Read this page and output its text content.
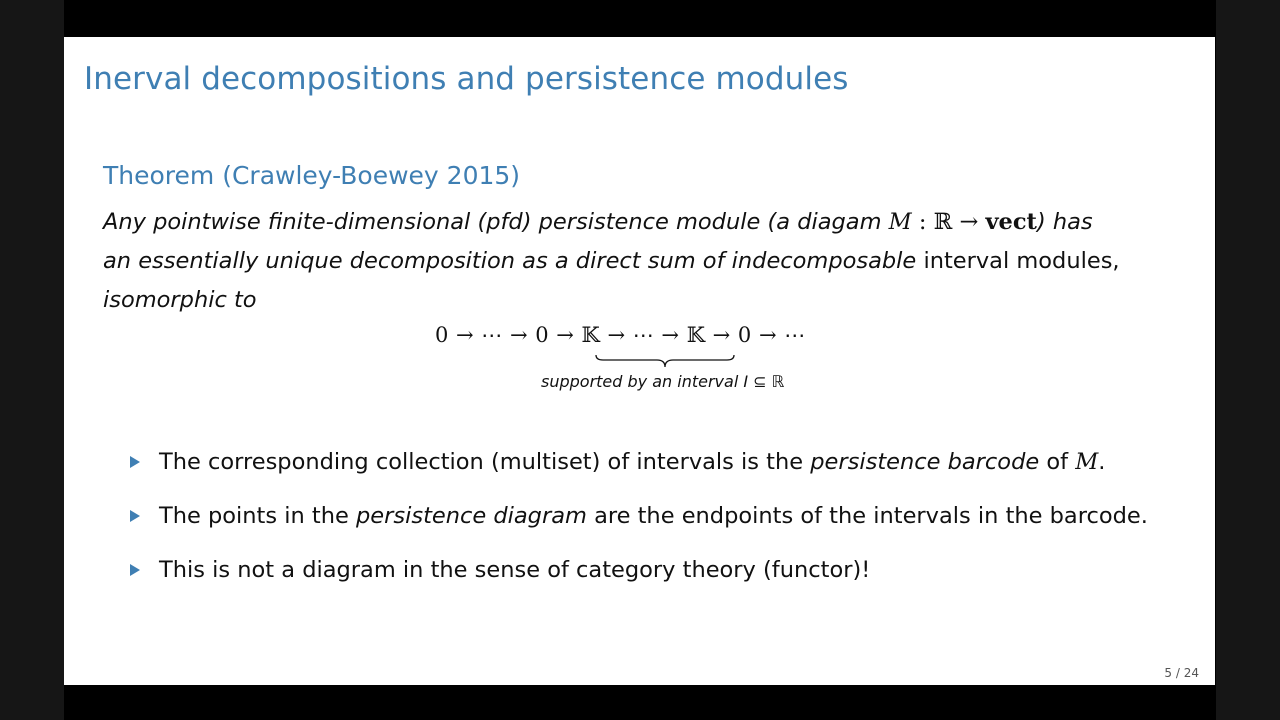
Inerval decompositions and persistence modules
Theorem (Crawley-Boewey 2015)
Any pointwise finite-dimensional (pfd) persistence module (a diagam M : ℝ → vect) has
an essentially unique decomposition as a direct sum of indecomposable interval modules,
isomorphic to
0 → ⋯ → 0 → 𝕂 → ⋯ → 𝕂 → 0 → ⋯
supported by an interval I ⊆ ℝ
The corresponding collection (multiset) of intervals is the persistence barcode of M.
The points in the persistence diagram are the endpoints of the intervals in the barcode.
This is not a diagram in the sense of category theory (functor)!
5 / 24
